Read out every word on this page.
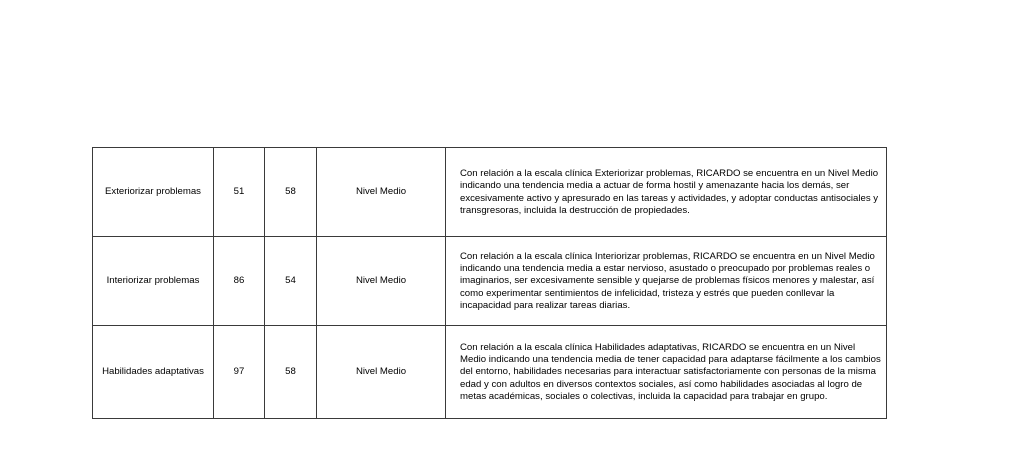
Exteriorizar problemas	51	58	Nivel Medio	Con relación a la escala clínica Exteriorizar problemas, RICARDO se encuentra en un Nivel Medio indicando una tendencia media a actuar de forma hostil y amenazante hacia los demás, ser excesivamente activo y apresurado en las tareas y actividades, y adoptar conductas antisociales y transgresoras, incluida la destrucción de propiedades.
Interiorizar problemas	86	54	Nivel Medio	Con relación a la escala clínica Interiorizar problemas, RICARDO se encuentra en un Nivel Medio indicando una tendencia media a estar nervioso, asustado o preocupado por problemas reales o imaginarios, ser excesivamente sensible y quejarse de problemas físicos menores y malestar, así como experimentar sentimientos de infelicidad, tristeza y estrés que pueden conllevar la incapacidad para realizar tareas diarias.
Habilidades adaptativas	97	58	Nivel Medio	Con relación a la escala clínica Habilidades adaptativas, RICARDO se encuentra en un Nivel Medio indicando una tendencia media de tener capacidad para adaptarse fácilmente a los cambios del entorno, habilidades necesarias para interactuar satisfactoriamente con personas de la misma edad y con adultos en diversos contextos sociales, así como habilidades asociadas al logro de metas académicas, sociales o colectivas, incluida la capacidad para trabajar en grupo.
